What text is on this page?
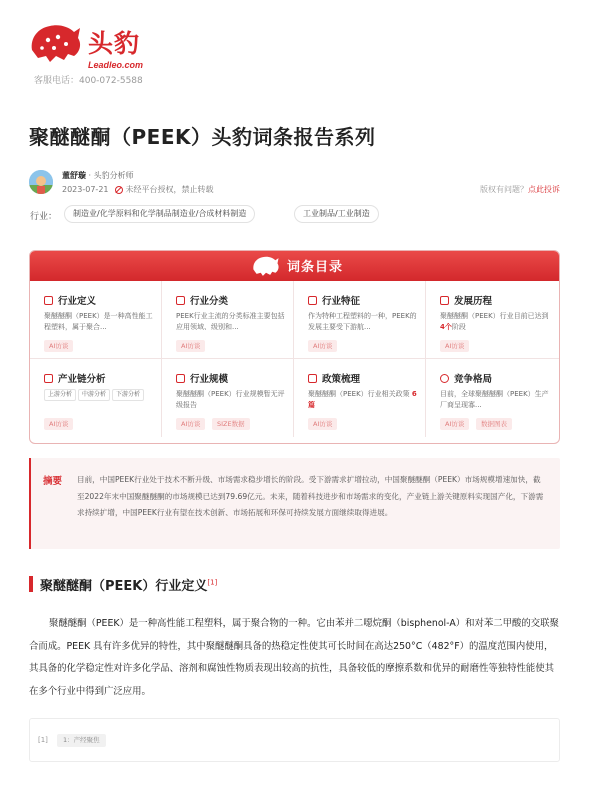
头豹
Leadleo.com
客服电话：400-072-5588
聚醚醚酮（PEEK）头豹词条报告系列
董舒璇 · 头豹分析师
2023-07-21 未经平台授权，禁止转载	版权有问题？点此投诉
行业：	制造业/化学原料和化学制品制造业/合成材料制造	工业制品/工业制造
词条目录
行业定义
聚醚醚酮（PEEK）是一种高性能工程塑料，属于聚合...
AI访谈
行业分类
PEEK行业主流的分类标准主要包括应用领域、级别和...
AI访谈
行业特征
作为特种工程塑料的一种，PEEK的发展主要受下游航...
AI访谈
发展历程
聚醚醚酮（PEEK）行业目前已达到 4个阶段
AI访谈
产业链分析
上游分析	中游分析	下游分析
AI访谈
行业规模
聚醚醚酮（PEEK）行业规模暂无评级报告
AI访谈	SIZE数据
政策梳理
聚醚醚酮（PEEK）行业相关政策 6篇
AI访谈
竞争格局
目前，全球聚醚醚酮（PEEK）生产厂商呈现寡...
AI访谈	数据图表
摘要 目前，中国PEEK行业处于技术不断升级、市场需求稳步增长的阶段。受下游需求扩增拉动，中国聚醚醚酮（PEEK）市场规模增速加快，截至2022年末中国聚醚醚酮的市场规模已达到79.69亿元。未来，随着科技进步和市场需求的变化，产业链上游关键原料实现国产化，下游需求持续扩增，中国PEEK行业有望在技术创新、市场拓展和环保可持续发展方面继续取得进展。
聚醚醚酮（PEEK）行业定义[1]
聚醚醚酮（PEEK）是一种高性能工程塑料，属于聚合物的一种。它由苯并二噁烷酮（bisphenol-A）和对苯二甲酸的交联聚合而成。PEEK 具有许多优异的特性，其中聚醚醚酮具备的热稳定性使其可长时间在高达250°C（482°F）的温度范围内使用，其具备的化学稳定性对许多化学品、溶剂和腐蚀性物质表现出较高的抗性，具备较低的摩擦系数和优异的耐磨性等独特性能使其在多个行业中得到广泛应用。
[1]	1：产经聚焦
